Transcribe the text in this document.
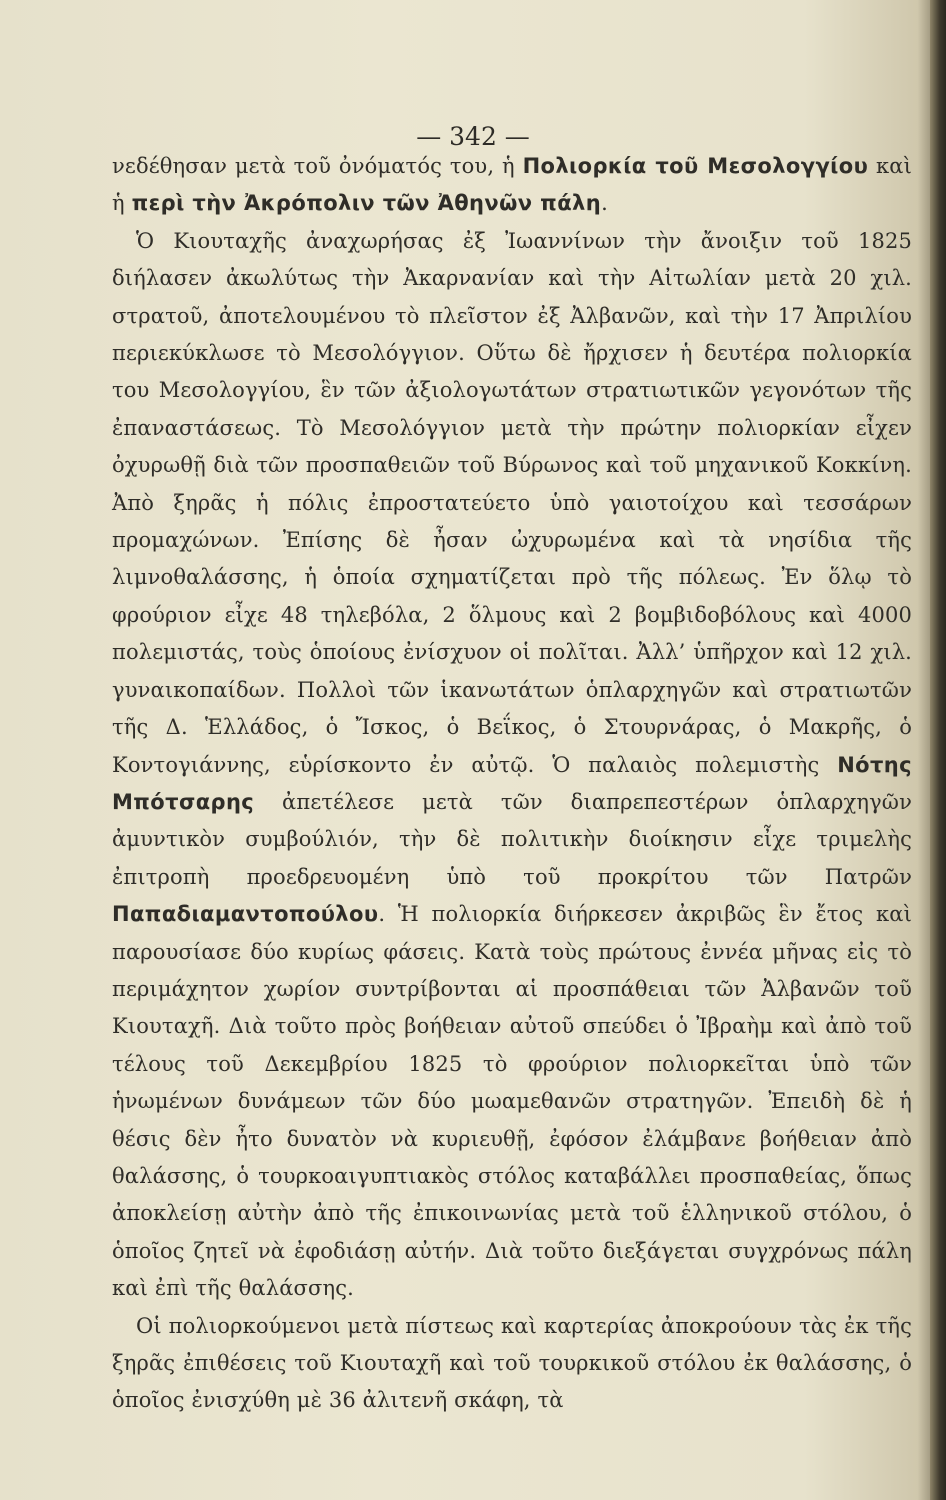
— 342 —

νεδέθησαν μετὰ τοῦ ὀνόματός του, ἡ Πολιορκία τοῦ Μεσολογγίου καὶ ἡ περὶ τὴν Ἀκρόπολιν τῶν Ἀθηνῶν πάλη.

Ὁ Κιουταχῆς ἀναχωρήσας ἐξ Ἰωαννίνων τὴν ἄνοιξιν τοῦ 1825 διήλασεν ἀκωλύτως τὴν Ἀκαρνανίαν καὶ τὴν Αἰτωλίαν μετὰ 20 χιλ. στρατοῦ, ἀποτελουμένου τὸ πλεῖστον ἐξ Ἀλβανῶν, καὶ τὴν 17 Ἀπριλίου περιεκύκλωσε τὸ Μεσολόγγιον. Οὕτω δὲ ἤρχισεν ἡ δευτέρα πολιορκία του Μεσολογγίου, ἓν τῶν ἀξιολογωτάτων στρατιωτικῶν γεγονότων τῆς ἐπαναστάσεως. Τὸ Μεσολόγγιον μετὰ τὴν πρώτην πολιορκίαν εἶχεν ὀχυρωθῇ διὰ τῶν προσπαθειῶν τοῦ Βύρωνος καὶ τοῦ μηχανικοῦ Κοκκίνη. Ἀπὸ ξηρᾶς ἡ πόλις ἐπροστατεύετο ὑπὸ γαιοτοίχου καὶ τεσσάρων προμαχώνων. Ἐπίσης δὲ ἦσαν ὠχυρωμένα καὶ τὰ νησίδια τῆς λιμνοθαλάσσης, ἡ ὁποία σχηματίζεται πρὸ τῆς πόλεως. Ἐν ὅλῳ τὸ φρούριον εἶχε 48 τηλεβόλα, 2 ὅλμους καὶ 2 βομβιδοβόλους καὶ 4000 πολεμιστάς, τοὺς ὁποίους ἐνίσχυον οἱ πολῖται. Ἀλλ’ ὑπῆρχον καὶ 12 χιλ. γυναικοπαίδων. Πολλοὶ τῶν ἱκανωτάτων ὁπλαρχηγῶν καὶ στρατιωτῶν τῆς Δ. Ἑλλάδος, ὁ Ἴσκος, ὁ Βεΐκος, ὁ Στουρνάρας, ὁ Μακρῆς, ὁ Κοντογιάννης, εὑρίσκοντο ἐν αὐτῷ. Ὁ παλαιὸς πολεμιστὴς Νότης Μπότσαρης ἀπετέλεσε μετὰ τῶν διαπρεπεστέρων ὁπλαρχηγῶν ἀμυντικὸν συμβούλιόν, τὴν δὲ πολιτικὴν διοίκησιν εἶχε τριμελὴς ἐπιτροπὴ προεδρευομένη ὑπὸ τοῦ προκρίτου τῶν Πατρῶν Παπαδιαμαντοπούλου. Ἡ πολιορκία διήρκεσεν ἀκριβῶς ἓν ἔτος καὶ παρουσίασε δύο κυρίως φάσεις. Κατὰ τοὺς πρώτους ἐννέα μῆνας εἰς τὸ περιμάχητον χωρίον συντρίβονται αἱ προσπάθειαι τῶν Ἀλβανῶν τοῦ Κιουταχῆ. Διὰ τοῦτο πρὸς βοήθειαν αὐτοῦ σπεύδει ὁ Ἰβραὴμ καὶ ἀπὸ τοῦ τέλους τοῦ Δεκεμβρίου 1825 τὸ φρούριον πολιορκεῖται ὑπὸ τῶν ἡνωμένων δυνάμεων τῶν δύο μωαμεθανῶν στρατηγῶν. Ἐπειδὴ δὲ ἡ θέσις δὲν ἦτο δυνατὸν νὰ κυριευθῇ, ἐφόσον ἐλάμβανε βοήθειαν ἀπὸ θαλάσσης, ὁ τουρκοαιγυπτιακὸς στόλος καταβάλλει προσπαθείας, ὅπως ἀποκλείσῃ αὐτὴν ἀπὸ τῆς ἐπικοινωνίας μετὰ τοῦ ἑλληνικοῦ στόλου, ὁ ὁποῖος ζητεῖ νὰ ἐφοδιάσῃ αὐτήν. Διὰ τοῦτο διεξάγεται συγχρόνως πάλη καὶ ἐπὶ τῆς θαλάσσης.

Οἱ πολιορκούμενοι μετὰ πίστεως καὶ καρτερίας ἀποκρούουν τὰς ἐκ τῆς ξηρᾶς ἐπιθέσεις τοῦ Κιουταχῆ καὶ τοῦ τουρκικοῦ στόλου ἐκ θαλάσσης, ὁ ὁποῖος ἐνισχύθη μὲ 36 ἀλιτενῆ σκάφη, τὰ
